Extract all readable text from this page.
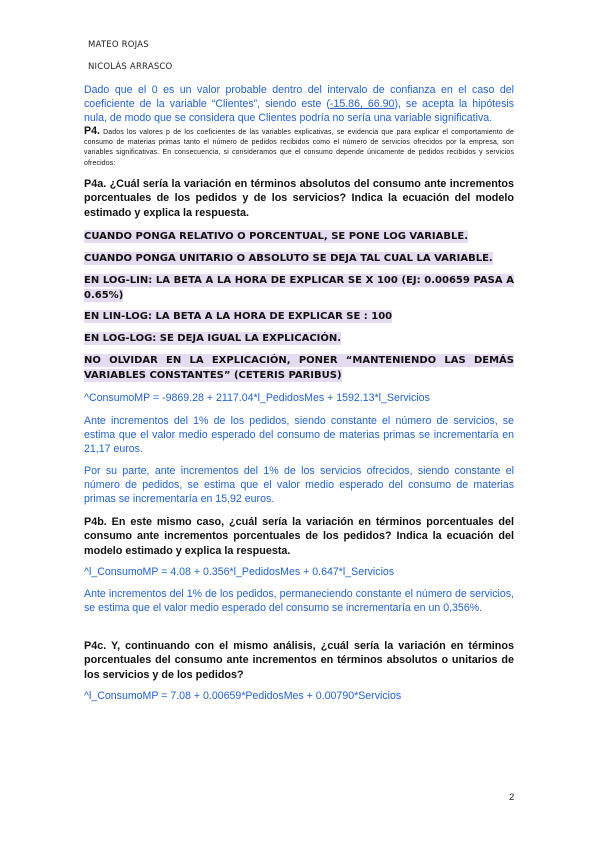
MATEO ROJAS
NICOLÁS ARRASCO
Dado que el 0 es un valor probable dentro del intervalo de confianza en el caso del coeficiente de la variable “Clientes”, siendo este (-15.86, 66.90), se acepta la hipótesis nula, de modo que se considera que Clientes podría no sería una variable significativa.
P4. Dados los valores p de los coeficientes de las variables explicativas, se evidencia que para explicar el comportamiento de consumo de materias primas tanto el número de pedidos recibidos como el número de servicios ofrecidos por la empresa, son variables significativas. En consecuencia, si consideramos que el consumo depende únicamente de pedidos recibidos y servicios ofrecidos:
P4a. ¿Cuál sería la variación en términos absolutos del consumo ante incrementos porcentuales de los pedidos y de los servicios? Indica la ecuación del modelo estimado y explica la respuesta.
CUANDO PONGA RELATIVO O PORCENTUAL, SE PONE LOG VARIABLE.
CUANDO PONGA UNITARIO O ABSOLUTO SE DEJA TAL CUAL LA VARIABLE.
EN LOG-LIN: LA BETA A LA HORA DE EXPLICAR SE X 100 (EJ: 0.00659 PASA A 0.65%)
EN LIN-LOG: LA BETA A LA HORA DE EXPLICAR SE : 100
EN LOG-LOG: SE DEJA IGUAL LA EXPLICACIÓN.
NO OLVIDAR EN LA EXPLICACIÓN, PONER “MANTENIENDO LAS DEMÁS VARIABLES CONSTANTES” (CETERIS PARIBUS)
^ConsumoMP = -9869.28 + 2117.04*l_PedidosMes + 1592.13*l_Servicios
Ante incrementos del 1% de los pedidos, siendo constante el número de servicios, se estima que el valor medio esperado del consumo de materias primas se incrementaría en 21,17 euros.
Por su parte, ante incrementos del 1% de los servicios ofrecidos, siendo constante el número de pedidos, se estima que el valor medio esperado del consumo de materias primas se incrementaría en 15,92 euros.
P4b. En este mismo caso, ¿cuál sería la variación en términos porcentuales del consumo ante incrementos porcentuales de los pedidos? Indica la ecuación del modelo estimado y explica la respuesta.
^l_ConsumoMP = 4.08 + 0.356*l_PedidosMes + 0.647*l_Servicios
Ante incrementos del 1% de los pedidos, permaneciendo constante el número de servicios, se estima que el valor medio esperado del consumo se incrementaría en un 0,356%.
P4c. Y, continuando con el mismo análisis, ¿cuál sería la variación en términos porcentuales del consumo ante incrementos en términos absolutos o unitarios de los servicios y de los pedidos?
^l_ConsumoMP = 7.08 + 0.00659*PedidosMes + 0.00790*Servicios
2
